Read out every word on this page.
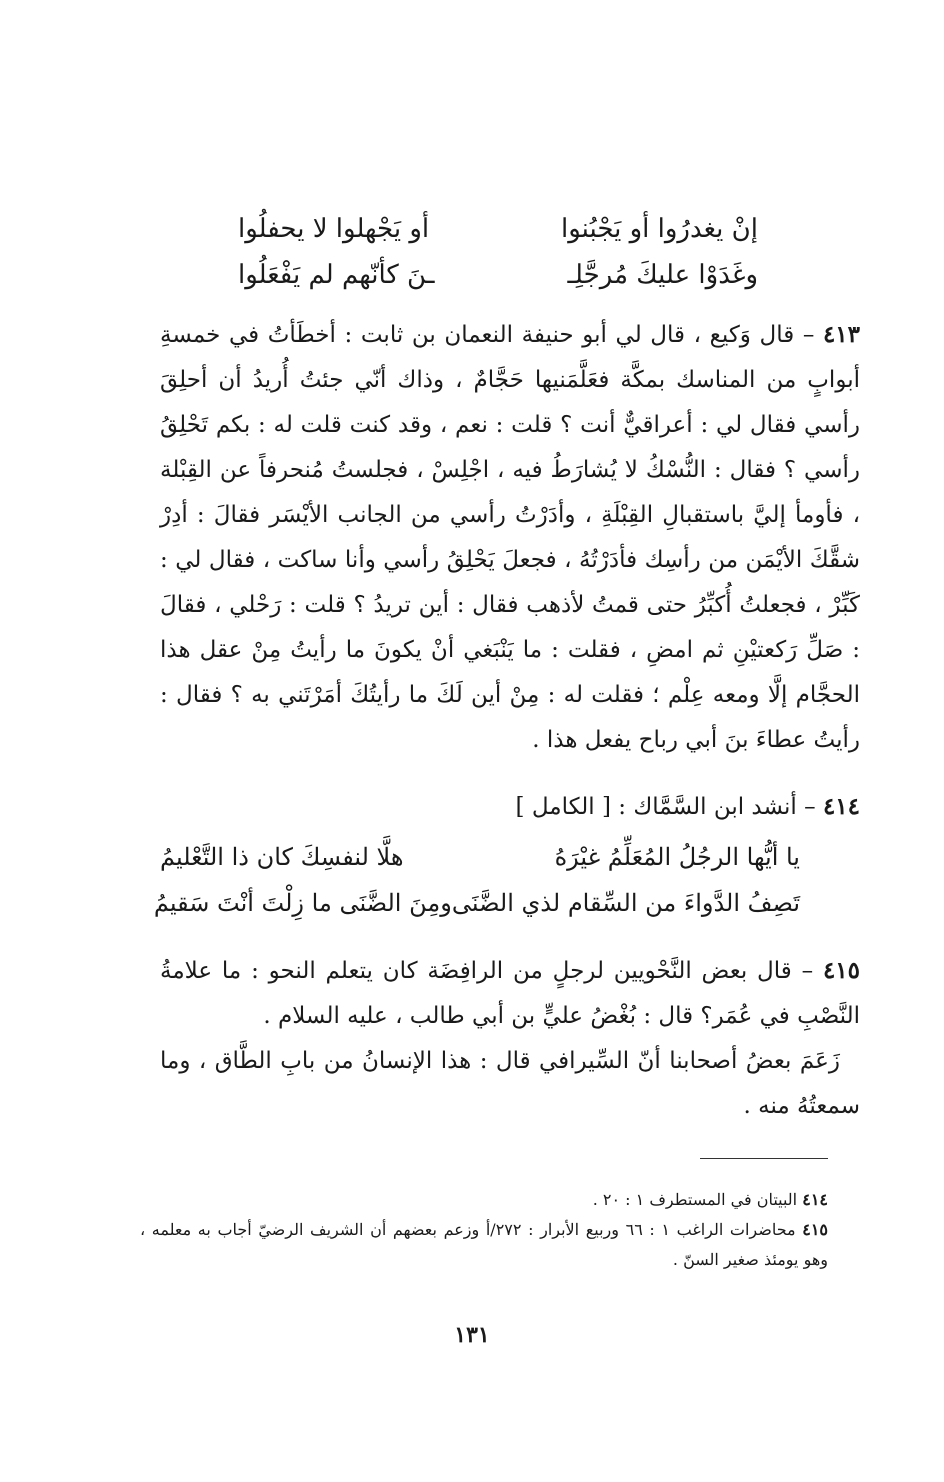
إنْ يغدرُوا أو يَجْبُنوا
أو يَجْهلوا لا يحفلُوا
وغَدَوْا عليكَ مُرجَّلِـ
ـنَ كأنّهم لم يَفْعَلُوا
٤١٣ – قال وَكيع ، قال لي أبو حنيفة النعمان بن ثابت : أخطَأتُ في خمسةِ أبوابٍ من المناسك بمكَّة فعَلَّمَنيها حَجَّامٌ ، وذاك أنّي جئتُ أُريدُ أن أحلِقَ رأسي فقال لي : أعراقيٌّ أنت ؟ قلت : نعم ، وقد كنت قلت له : بكم تَحْلِقُ رأسي ؟ فقال : النُّسْكُ لا يُشارَطُ فيه ، اجْلِسْ ، فجلستُ مُنحرفاً عن القِبْلة ، فأومأ إليَّ باستقبالِ القِبْلَةِ ، وأدَرْتُ رأسي من الجانب الأيْسَر فقالَ : أدِرْ شقَّكَ الأيْمَن من رأسِك فأدَرْتُهُ ، فجعلَ يَحْلِقُ رأسي وأنا ساكت ، فقال لي : كَبِّرْ ، فجعلتُ أُكبِّرُ حتى قمتُ لأذهب فقال : أين تريدُ ؟ قلت : رَحْلي ، فقالَ : صَلِّ رَكعتيْنِ ثم امضِ ، فقلت : ما يَنْبَغي أنْ يكونَ ما رأيتُ مِنْ عقل هذا الحجَّام إلَّا ومعه عِلْم ؛ فقلت له : مِنْ أين لَكَ ما رأيتُكَ أمَرْتَني به ؟ فقال : رأيتُ عطاءَ بنَ أبي رباح يفعل هذا .
٤١٤ – أنشد ابن السَّمَّاك : [ الكامل ]
يا أيُّها الرجُلُ المُعَلِّمُ غيْرَهُ
هلَّا لنفسِكَ كان ذا التَّعْليمُ
تَصِفُ الدَّواءَ من السِّقام لذي الضَّنَى
ومِنَ الضَّنَى ما زِلْتَ أنْتَ سَقيمُ
٤١٥ – قال بعض النَّحْويين لرجلٍ من الرافِضَة كان يتعلم النحو : ما علامةُ النَّصْبِ في عُمَر؟ قال : بُغْضُ عليٍّ بن أبي طالب ، عليه السلام .
زَعَمَ بعضُ أصحابنا أنّ السِّيرافي قال : هذا الإنسانُ من بابِ الطَّاق ، وما سمعتُهُ منه .
٤١٤ البيتان في المستطرف ١ : ٢٠ .
٤١٥ محاضرات الراغب ١ : ٦٦ وربيع الأبرار : ٢٧٢/أ وزعم بعضهم أن الشريف الرضيّ أجاب به معلمه ، وهو يومئذ صغير السنّ .
١٣١
